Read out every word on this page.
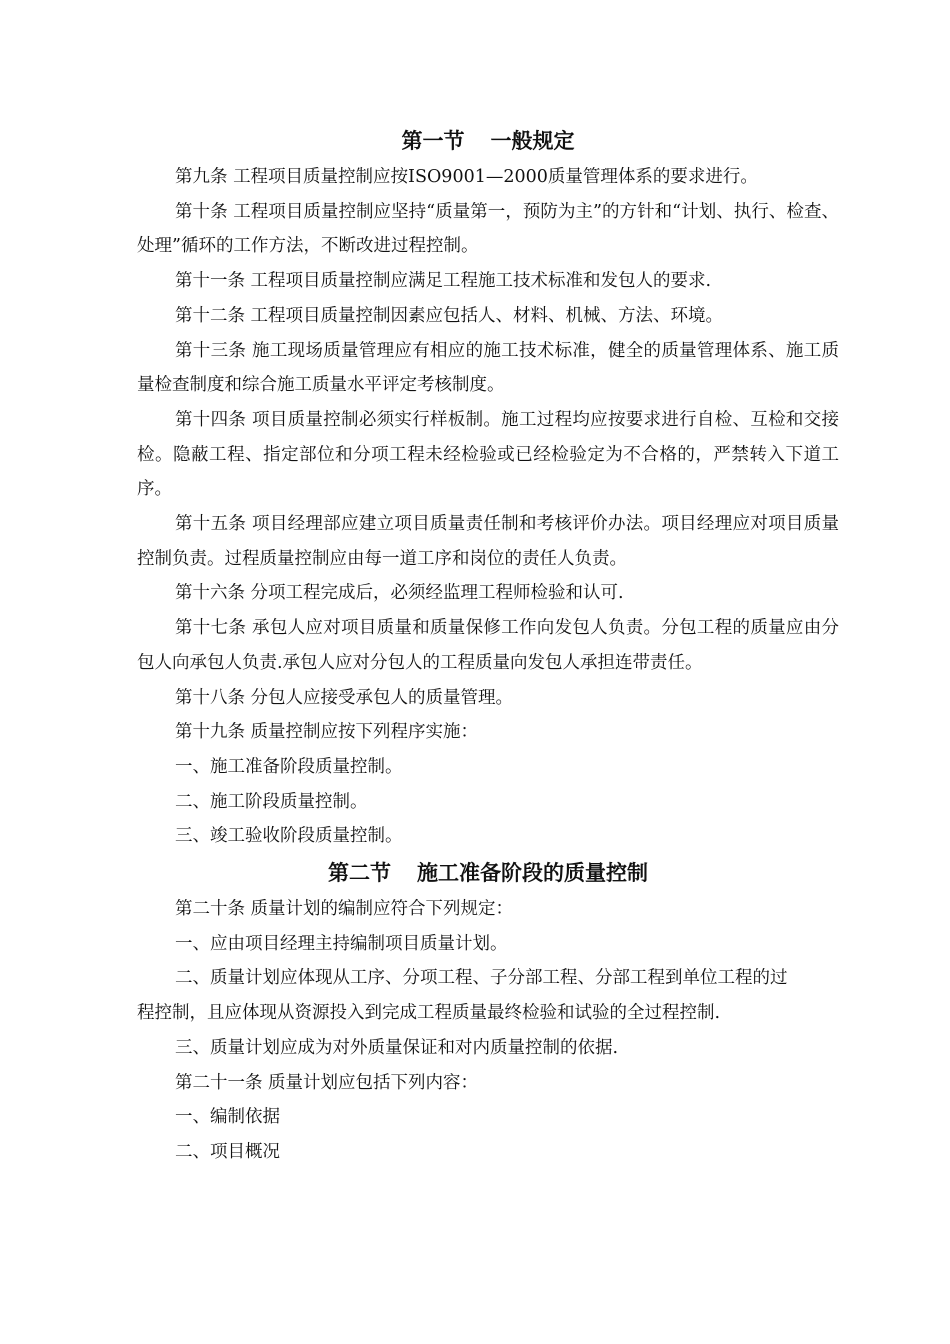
第一节 一般规定
第九条 工程项目质量控制应按ISO9001—2000质量管理体系的要求进行。
第十条 工程项目质量控制应坚持“质量第一，预防为主”的方针和“计划、执行、检查、处理”循环的工作方法，不断改进过程控制。
第十一条 工程项目质量控制应满足工程施工技术标准和发包人的要求.
第十二条 工程项目质量控制因素应包括人、材料、机械、方法、环境。
第十三条 施工现场质量管理应有相应的施工技术标准，健全的质量管理体系、施工质量检查制度和综合施工质量水平评定考核制度。
第十四条 项目质量控制必须实行样板制。施工过程均应按要求进行自检、互检和交接检。隐蔽工程、指定部位和分项工程未经检验或已经检验定为不合格的，严禁转入下道工序。
第十五条 项目经理部应建立项目质量责任制和考核评价办法。项目经理应对项目质量控制负责。过程质量控制应由每一道工序和岗位的责任人负责。
第十六条 分项工程完成后，必须经监理工程师检验和认可.
第十七条 承包人应对项目质量和质量保修工作向发包人负责。分包工程的质量应由分包人向承包人负责.承包人应对分包人的工程质量向发包人承担连带责任。
第十八条 分包人应接受承包人的质量管理。
第十九条 质量控制应按下列程序实施：
一、施工准备阶段质量控制。
二、施工阶段质量控制。
三、竣工验收阶段质量控制。
第二节 施工准备阶段的质量控制
第二十条 质量计划的编制应符合下列规定：
一、应由项目经理主持编制项目质量计划。
二、质量计划应体现从工序、分项工程、子分部工程、分部工程到单位工程的过
程控制，且应体现从资源投入到完成工程质量最终检验和试验的全过程控制.
三、质量计划应成为对外质量保证和对内质量控制的依据.
第二十一条 质量计划应包括下列内容：
一、编制依据
二、项目概况
